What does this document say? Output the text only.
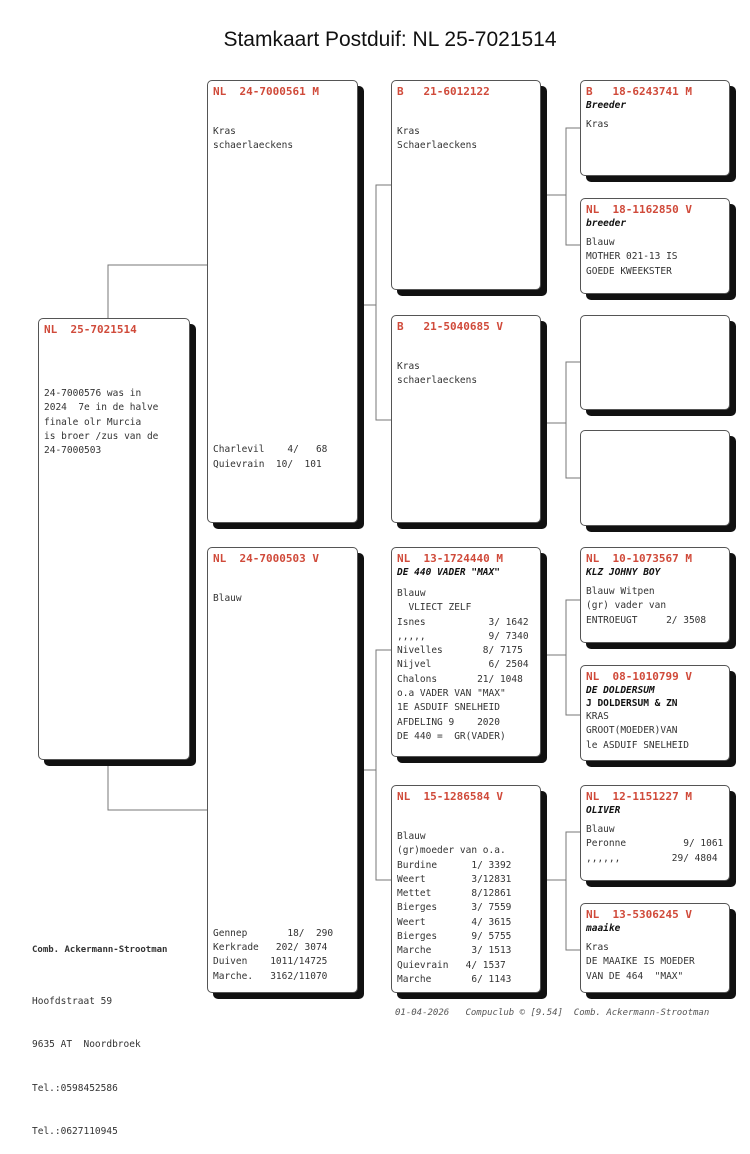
Stamkaart Postduif: NL 25-7021514
NL  25-7021514
24-7000576 was in
2024  7e in de halve
finale olr Murcia
is broer /zus van de
24-7000503
NL  24-7000561 M
Kras
schaerlaeckens
Charlevil    4/   68
Quievrain  10/  101
NL  24-7000503 V
Blauw
Gennep       18/  290
Kerkrade   202/ 3074
Duiven    1011/14725
Marche.   3162/11070
B   21-6012122
Kras
Schaerlaeckens
B   21-5040685 V
Kras
schaerlaeckens
NL  13-1724440 M
DE 440 VADER "MAX"
Blauw
VLIECT ZELF
Isnes           3/ 1642
,,,,,           9/ 7340
Nivelles       8/ 7175
Nijvel          6/ 2504
Chalons       21/ 1048
o.a VADER VAN "MAX"
1E ASDUIF SNELHEID
AFDELING 9    2020
DE 440 =  GR(VADER)
NL  15-1286584 V
Blauw
(gr)moeder van o.a.
Burdine      1/ 3392
Weert        3/12831
Mettet       8/12861
Bierges      3/ 7559
Weert        4/ 3615
Bierges      9/ 5755
Marche       3/ 1513
Quievrain   4/ 1537
Marche       6/ 1143
B   18-6243741 M
Breeder
Kras
NL  18-1162850 V
breeder
Blauw
MOTHER 021-13 IS
GOEDE KWEEKSTER
NL  10-1073567 M
KLZ JOHNY BOY
Blauw Witpen
(gr) vader van
ENTROEUGT     2/ 3508
NL  08-1010799 V
DE DOLDERSUM
J DOLDERSUM & ZN
KRAS
GROOT(MOEDER)VAN
le ASDUIF SNELHEID
NL  12-1151227 M
OLIVER
Blauw
Peronne          9/ 1061
,,,,,,         29/ 4804
NL  13-5306245 V
maaike
Kras
DE MAAIKE IS MOEDER
VAN DE 464  "MAX"

Comb. Ackermann-Strootman

Hoofdstraat 59

9635 AT  Noordbroek

Tel.:0598452586

Tel.:0627110945

01-04-2026   Compuclub © [9.54]  Comb. Ackermann-Strootman
